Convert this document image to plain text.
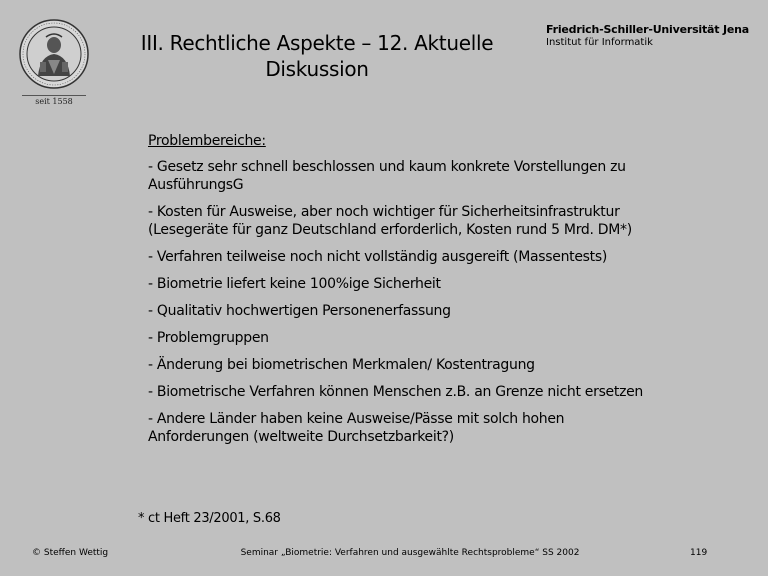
seit 1558
III. Rechtliche Aspekte – 12. Aktuelle
Diskussion
Friedrich-Schiller-Universität Jena
Institut für Informatik
Problembereiche:
- Gesetz sehr schnell beschlossen und kaum konkrete Vorstellungen zu AusführungsG
- Kosten für Ausweise, aber noch wichtiger für Sicherheitsinfrastruktur (Lesegeräte für ganz Deutschland erforderlich, Kosten rund 5 Mrd. DM*)
- Verfahren teilweise noch nicht vollständig ausgereift (Massentests)
- Biometrie liefert keine 100%ige Sicherheit
- Qualitativ hochwertigen Personenerfassung
- Problemgruppen
- Änderung bei biometrischen Merkmalen/ Kostentragung
- Biometrische Verfahren können Menschen z.B. an Grenze nicht ersetzen
- Andere Länder haben keine Ausweise/Pässe mit solch hohen Anforderungen (weltweite Durchsetzbarkeit?)
* ct Heft 23/2001, S.68
© Steffen Wettig	Seminar „Biometrie: Verfahren und ausgewählte Rechtsprobleme“ SS 2002	119
